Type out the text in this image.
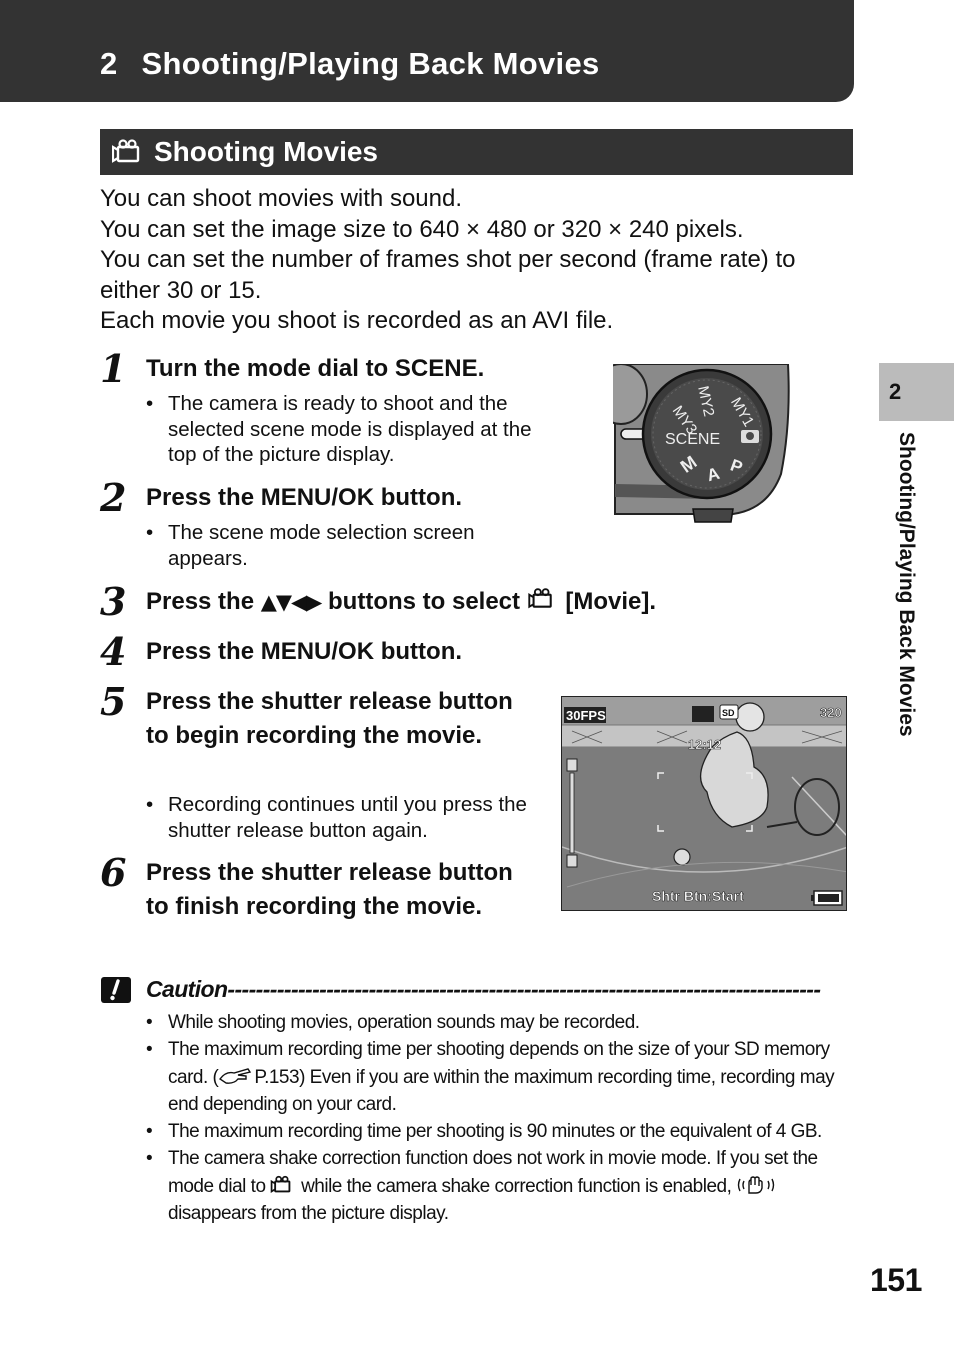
2 Shooting/Playing Back Movies
Shooting Movies

You can shoot movies with sound.

You can set the image size to 640 × 480 or 320 × 240 pixels.

You can set the number of frames shot per second (frame rate) to either 30 or 15.

Each movie you shoot is recorded as an AVI file.

1 Turn the mode dial to SCENE.
• The camera is ready to shoot and the selected scene mode is displayed at the top of the picture display.
2 Press the MENU/OK button.
• The scene mode selection screen appears.
3 Press the ▲▼◀▶ buttons to select  [Movie].
4 Press the MENU/OK button.
5 Press the shutter release button to begin recording the movie.
• Recording continues until you press the shutter release button again.
6 Press the shutter release button to finish recording the movie.
MY2 MY1
MY3
SCENE
M A P
30FPS	SD	320
12:12
Shtr Btn:Start
2
Shooting/Playing Back Movies
Caution------------------------------------------------------------------------------------
• While shooting movies, operation sounds may be recorded.
• The maximum recording time per shooting depends on the size of your SD memory card. ( P.153) Even if you are within the maximum recording time, recording may end depending on your card.
• The maximum recording time per shooting is 90 minutes or the equivalent of 4 GB.
• The camera shake correction function does not work in movie mode. If you set the mode dial to  while the camera shake correction function is enabled,  disappears from the picture display.
151
